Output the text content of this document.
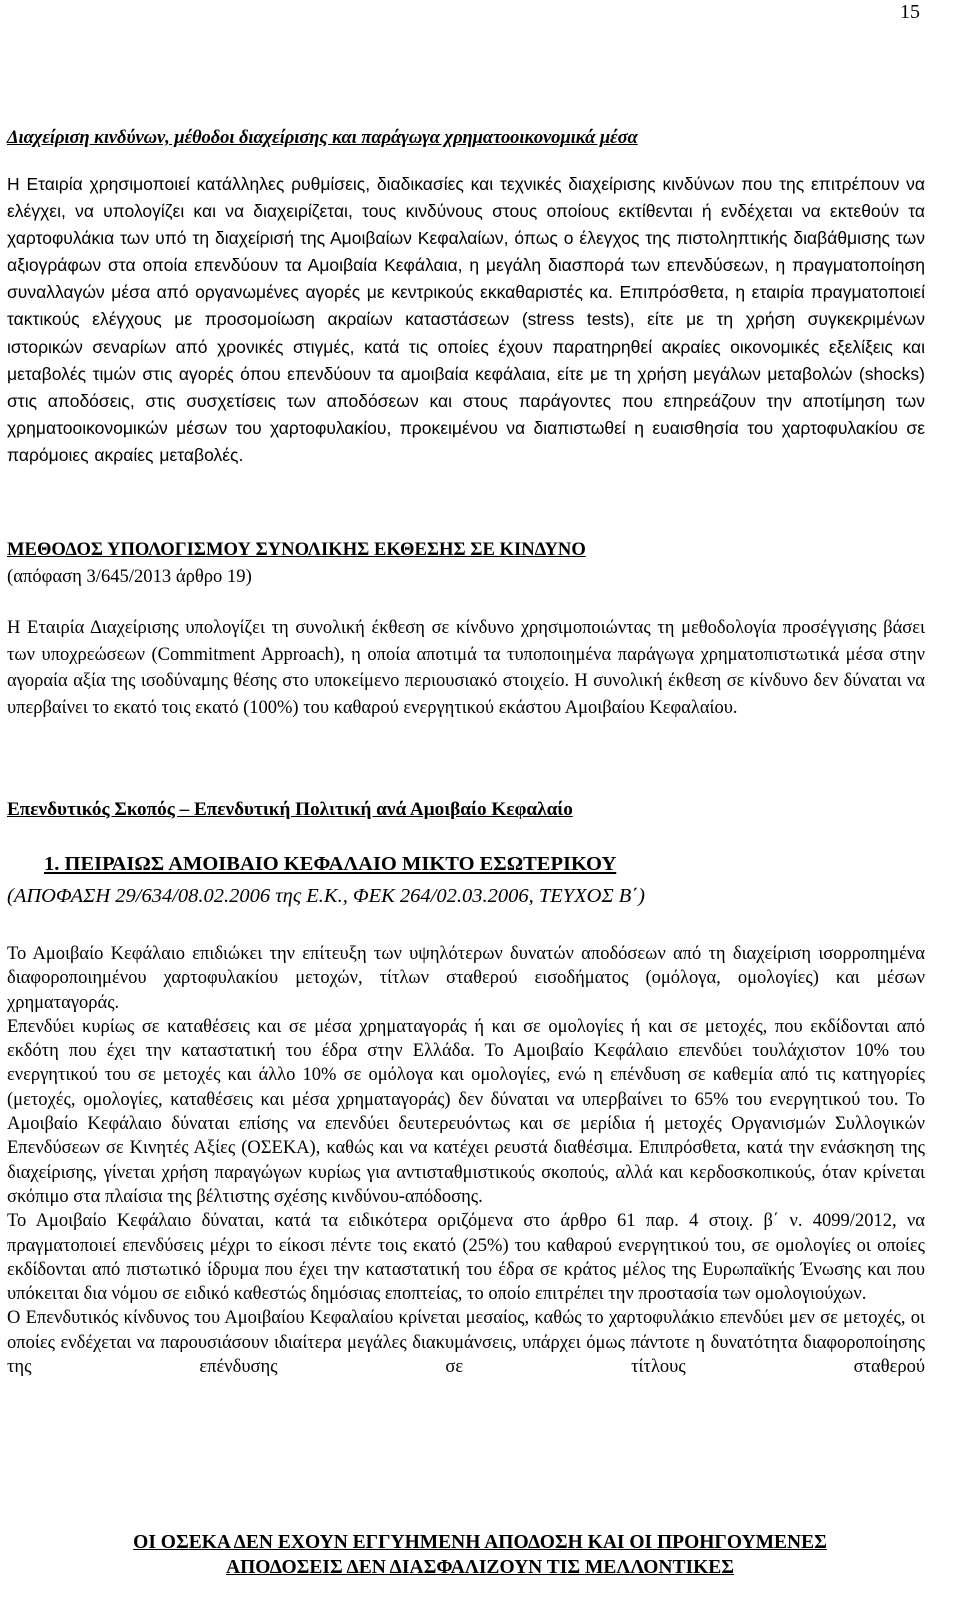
15
Διαχείριση κινδύνων, μέθοδοι διαχείρισης και παράγωγα χρηματοοικονομικά μέσα
Η Εταιρία χρησιμοποιεί κατάλληλες ρυθμίσεις, διαδικασίες και τεχνικές διαχείρισης κινδύνων που της επιτρέπουν να ελέγχει, να υπολογίζει και να διαχειρίζεται, τους κινδύνους στους οποίους εκτίθενται ή ενδέχεται να εκτεθούν τα χαρτοφυλάκια των υπό τη διαχείρισή της Αμοιβαίων Κεφαλαίων, όπως ο έλεγχος της πιστοληπτικής διαβάθμισης των αξιογράφων στα οποία επενδύουν τα Αμοιβαία Κεφάλαια, η μεγάλη διασπορά των επενδύσεων, η πραγματοποίηση συναλλαγών μέσα από οργανωμένες αγορές με κεντρικούς εκκαθαριστές κα. Επιπρόσθετα, η εταιρία πραγματοποιεί τακτικούς ελέγχους με προσομοίωση ακραίων καταστάσεων (stress tests), είτε με τη χρήση συγκεκριμένων ιστορικών σεναρίων από χρονικές στιγμές, κατά τις οποίες έχουν παρατηρηθεί ακραίες οικονομικές εξελίξεις και μεταβολές τιμών στις αγορές όπου επενδύουν τα αμοιβαία κεφάλαια, είτε με τη χρήση μεγάλων μεταβολών (shocks) στις αποδόσεις, στις συσχετίσεις των αποδόσεων και στους παράγοντες που επηρεάζουν την αποτίμηση των χρηματοοικονομικών μέσων του χαρτοφυλακίου, προκειμένου να διαπιστωθεί η ευαισθησία του χαρτοφυλακίου σε παρόμοιες ακραίες μεταβολές.
ΜΕΘΟΔΟΣ ΥΠΟΛΟΓΙΣΜΟΥ ΣΥΝΟΛΙΚΗΣ ΕΚΘΕΣΗΣ ΣΕ ΚΙΝΔΥΝΟ
(απόφαση 3/645/2013 άρθρο 19)
Η Εταιρία Διαχείρισης υπολογίζει τη συνολική έκθεση σε κίνδυνο χρησιμοποιώντας τη μεθοδολογία προσέγγισης βάσει των υποχρεώσεων (Commitment Approach), η οποία αποτιμά τα τυποποιημένα παράγωγα χρηματοπιστωτικά μέσα στην αγοραία αξία της ισοδύναμης θέσης στο υποκείμενο περιουσιακό στοιχείο. Η συνολική έκθεση σε κίνδυνο δεν δύναται να υπερβαίνει το εκατό τοις εκατό (100%) του καθαρού ενεργητικού εκάστου Αμοιβαίου Κεφαλαίου.
Επενδυτικός Σκοπός – Επενδυτική Πολιτική ανά Αμοιβαίο Κεφαλαίο
1. ΠΕΙΡΑΙΩΣ ΑΜΟΙΒΑΙΟ ΚΕΦΑΛΑΙΟ ΜΙΚΤΟ ΕΣΩΤΕΡΙΚΟΥ
(ΑΠΟΦΑΣΗ 29/634/08.02.2006 της Ε.Κ., ΦΕΚ 264/02.03.2006, ΤΕΥΧΟΣ Β΄)

Το Αμοιβαίο Κεφάλαιο επιδιώκει την επίτευξη των υψηλότερων δυνατών αποδόσεων από τη διαχείριση ισορροπημένα διαφοροποιημένου χαρτοφυλακίου μετοχών, τίτλων σταθερού εισοδήματος (ομόλογα, ομολογίες) και μέσων χρηματαγοράς.

Επενδύει κυρίως σε καταθέσεις και σε μέσα χρηματαγοράς ή και σε ομολογίες ή και σε μετοχές, που εκδίδονται από εκδότη που έχει την καταστατική του έδρα στην Ελλάδα. Το Αμοιβαίο Κεφάλαιο επενδύει τουλάχιστον 10% του ενεργητικού του σε μετοχές και άλλο 10% σε ομόλογα και ομολογίες, ενώ η επένδυση σε καθεμία από τις κατηγορίες (μετοχές, ομολογίες, καταθέσεις και μέσα χρηματαγοράς) δεν δύναται να υπερβαίνει το 65% του ενεργητικού του. Το Αμοιβαίο Κεφάλαιο δύναται επίσης να επενδύει δευτερευόντως και σε μερίδια ή μετοχές Οργανισμών Συλλογικών Επενδύσεων σε Κινητές Αξίες (ΟΣΕΚΑ), καθώς και να κατέχει ρευστά διαθέσιμα. Επιπρόσθετα, κατά την ενάσκηση της διαχείρισης, γίνεται χρήση παραγώγων κυρίως για αντισταθμιστικούς σκοπούς, αλλά και κερδοσκοπικούς, όταν κρίνεται σκόπιμο στα πλαίσια της βέλτιστης σχέσης κινδύνου-απόδοσης.

Το Αμοιβαίο Κεφάλαιο δύναται, κατά τα ειδικότερα οριζόμενα στο άρθρο 61 παρ. 4 στοιχ. β΄ ν. 4099/2012, να πραγματοποιεί επενδύσεις μέχρι το είκοσι πέντε τοις εκατό (25%) του καθαρού ενεργητικού του, σε ομολογίες οι οποίες εκδίδονται από πιστωτικό ίδρυμα που έχει την καταστατική του έδρα σε κράτος μέλος της Ευρωπαϊκής Ένωσης και που υπόκειται δια νόμου σε ειδικό καθεστώς δημόσιας εποπτείας, το οποίο επιτρέπει την προστασία των ομολογιούχων.

Ο Επενδυτικός κίνδυνος του Αμοιβαίου Κεφαλαίου κρίνεται μεσαίος, καθώς το χαρτοφυλάκιο επενδύει μεν σε μετοχές, οι οποίες ενδέχεται να παρουσιάσουν ιδιαίτερα μεγάλες διακυμάνσεις, υπάρχει όμως πάντοτε η δυνατότητα διαφοροποίησης της επένδυσης σε τίτλους σταθερού

ΟΙ ΟΣΕΚΑ ΔΕΝ ΕΧΟΥΝ ΕΓΓΥΗΜΕΝΗ ΑΠΟΔΟΣΗ ΚΑΙ ΟΙ ΠΡΟΗΓΟΥΜΕΝΕΣ
ΑΠΟΔΟΣΕΙΣ ΔΕΝ ΔΙΑΣΦΑΛΙΖΟΥΝ ΤΙΣ ΜΕΛΛΟΝΤΙΚΕΣ
